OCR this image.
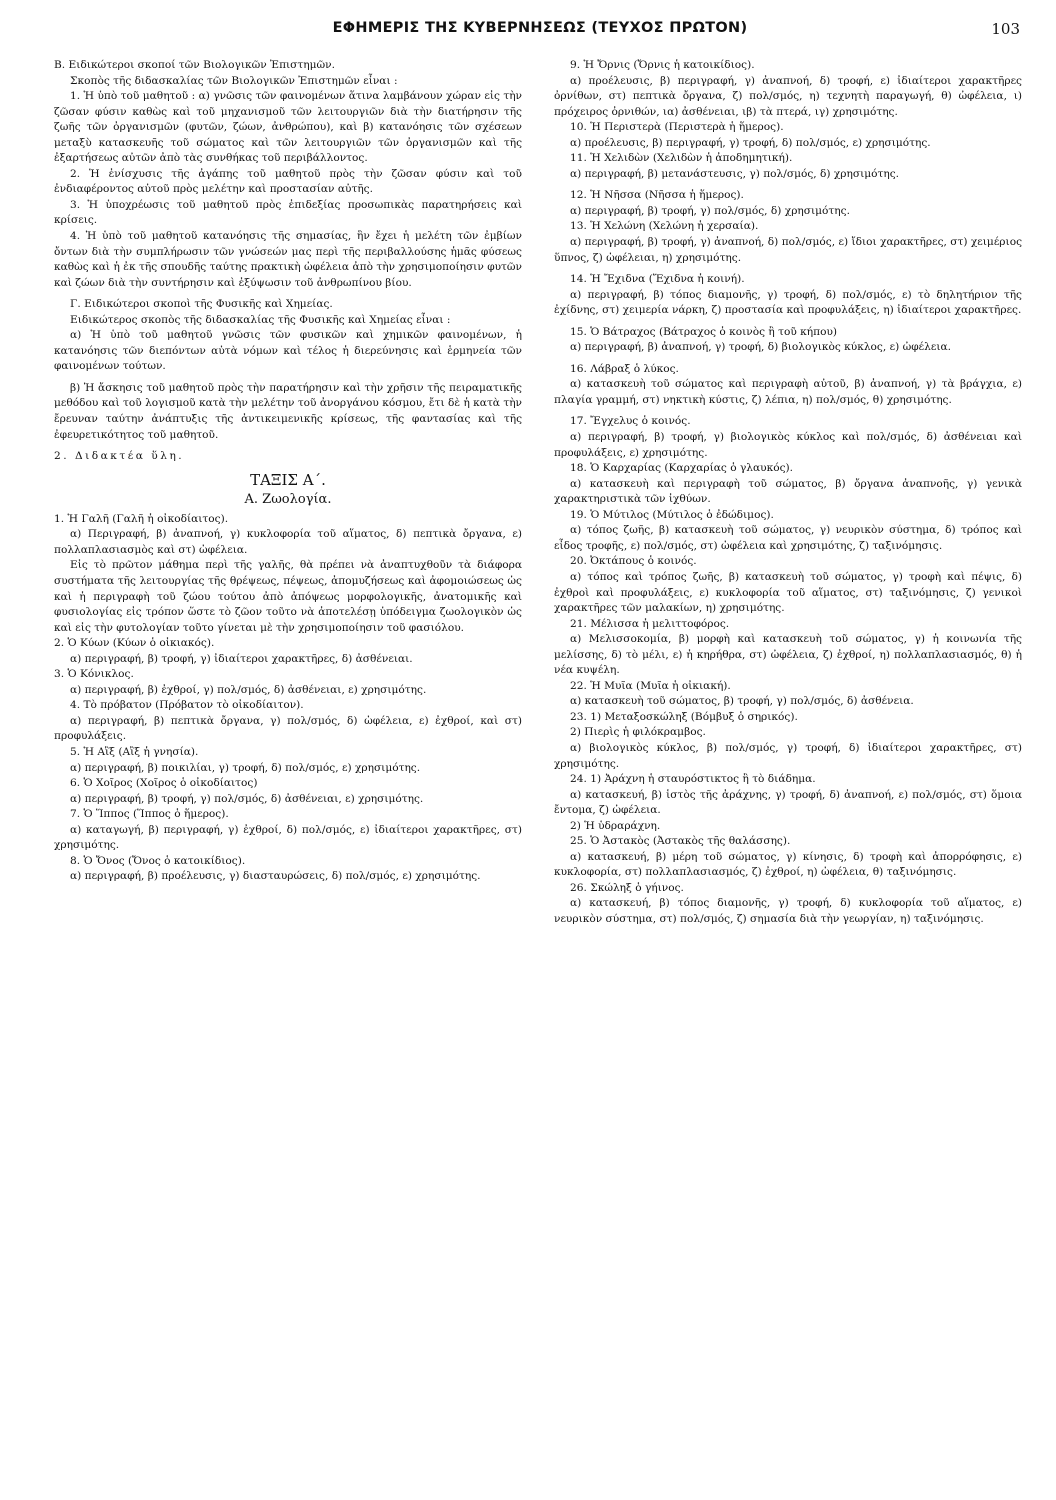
ΕΦΗΜΕΡΙΣ ΤΗΣ ΚΥΒΕΡΝΗΣΕΩΣ (ΤΕΥΧΟΣ ΠΡΩΤΟΝ)	103

Β. Ειδικώτεροι σκοποί τῶν Βιολογικῶν Ἐπιστημῶν.

Σκοπὸς τῆς διδασκαλίας τῶν Βιολογικῶν Ἐπιστημῶν εἶναι :

1. Ἡ ὑπὸ τοῦ μαθητοῦ : α) γνῶσις τῶν φαινομένων ἅτινα λαμβάνουν χώραν εἰς τὴν ζῶσαν φύσιν καθὼς καὶ τοῦ μηχανισμοῦ τῶν λειτουργιῶν διὰ τὴν διατήρησιν τῆς ζωῆς τῶν ὀργανισμῶν (φυτῶν, ζώων, ἀνθρώπου), καὶ β) κατανόησις τῶν σχέσεων μεταξὺ κατασκευῆς τοῦ σώματος καὶ τῶν λειτουργιῶν τῶν ὀργανισμῶν καὶ τῆς ἐξαρτήσεως αὐτῶν ἀπὸ τὰς συνθήκας τοῦ περιβάλλοντος.

2. Ἡ ἐνίσχυσις τῆς ἀγάπης τοῦ μαθητοῦ πρὸς τὴν ζῶσαν φύσιν καὶ τοῦ ἐνδιαφέροντος αὐτοῦ πρὸς μελέτην καὶ προστασίαν αὐτῆς.

3. Ἡ ὑποχρέωσις τοῦ μαθητοῦ πρὸς ἐπιδεξίας προσωπικὰς παρατηρήσεις καὶ κρίσεις.

4. Ἡ ὑπὸ τοῦ μαθητοῦ κατανόησις τῆς σημασίας, ἣν ἔχει ἡ μελέτη τῶν ἐμβίων ὄντων διὰ τὴν συμπλήρωσιν τῶν γνώσεών μας περὶ τῆς περιβαλλούσης ἡμᾶς φύσεως καθὼς καὶ ἡ ἐκ τῆς σπουδῆς ταύτης πρακτικὴ ὠφέλεια ἀπὸ τὴν χρησιμοποίησιν φυτῶν καὶ ζώων διὰ τὴν συντήρησιν καὶ ἐξύψωσιν τοῦ ἀνθρωπίνου βίου.

Γ. Ειδικώτεροι σκοποὶ τῆς Φυσικῆς καὶ Χημείας.

Ειδικώτερος σκοπὸς τῆς διδασκαλίας τῆς Φυσικῆς καὶ Χημείας εἶναι :

α) Ἡ ὑπὸ τοῦ μαθητοῦ γνῶσις τῶν φυσικῶν καὶ χημικῶν φαινομένων, ἡ κατανόησις τῶν διεπόντων αὐτὰ νόμων καὶ τέλος ἡ διερεύνησις καὶ ἑρμηνεία τῶν φαινομένων τούτων.

β) Ἡ ἄσκησις τοῦ μαθητοῦ πρὸς τὴν παρατήρησιν καὶ τὴν χρῆσιν τῆς πειραματικῆς μεθόδου καὶ τοῦ λογισμοῦ κατὰ τὴν μελέτην τοῦ ἀνοργάνου κόσμου, ἔτι δὲ ἡ κατὰ τὴν ἔρευναν ταύτην ἀνάπτυξις τῆς ἀντικειμενικῆς κρίσεως, τῆς φαντασίας καὶ τῆς ἐφευρετικότητος τοῦ μαθητοῦ.

2. Διδακτέα ὕλη.

ΤΑΞΙΣ Α΄.

Α. Ζωολογία.

1. Ἡ Γαλῆ (Γαλῆ ἡ οἰκοδίαιτος).

α) Περιγραφή, β) ἀναπνοή, γ) κυκλοφορία τοῦ αἵματος, δ) πεπτικὰ ὄργανα, ε) πολλαπλασιασμὸς καὶ στ) ὠφέλεια.

Εἰς τὸ πρῶτον μάθημα περὶ τῆς γαλῆς, θὰ πρέπει νὰ ἀναπτυχθοῦν τὰ διάφορα συστήματα τῆς λειτουργίας τῆς θρέψεως, πέψεως, ἀπομυζήσεως καὶ ἀφομοιώσεως ὡς καὶ ἡ περιγραφὴ τοῦ ζώου τούτου ἀπὸ ἀπόψεως μορφολογικῆς, ἀνατομικῆς καὶ φυσιολογίας εἰς τρόπον ὥστε τὸ ζῶον τοῦτο νὰ ἀποτελέσῃ ὑπόδειγμα ζωολογικὸν ὡς καὶ εἰς τὴν φυτολογίαν τοῦτο γίνεται μὲ τὴν χρησιμοποίησιν τοῦ φασιόλου.

2. Ὁ Κύων (Κύων ὁ οἰκιακός).

α) περιγραφή, β) τροφή, γ) ἰδιαίτεροι χαρακτῆρες, δ) ἀσθένειαι.

3. Ὁ Κόνικλος.

α) περιγραφή, β) ἐχθροί, γ) πολ/σμός, δ) ἀσθένειαι, ε) χρησιμότης.

4. Τὸ πρόβατον (Πρόβατον τὸ οἰκοδίαιτον).

α) περιγραφή, β) πεπτικὰ ὄργανα, γ) πολ/σμός, δ) ὠφέλεια, ε) ἐχθροί, καὶ στ) προφυλάξεις.

5. Ἡ Αἲξ (Αἲξ ἡ γνησία).

α) περιγραφή, β) ποικιλίαι, γ) τροφή, δ) πολ/σμός, ε) χρησιμότης.

6. Ὁ Χοῖρος (Χοῖρος ὁ οἰκοδίαιτος)

α) περιγραφή, β) τροφή, γ) πολ/σμός, δ) ἀσθένειαι, ε) χρησιμότης.

7. Ὁ Ἵππος (Ἵππος ὁ ἥμερος).

α) καταγωγή, β) περιγραφή, γ) ἐχθροί, δ) πολ/σμός, ε) ἰδιαίτεροι χαρακτῆρες, στ) χρησιμότης.

8. Ὁ Ὄνος (Ὄνος ὁ κατοικίδιος).

α) περιγραφή, β) προέλευσις, γ) διασταυρώσεις, δ) πολ/σμός, ε) χρησιμότης.

9. Ἡ Ὄρνις (Ὄρνις ἡ κατοικίδιος).

α) προέλευσις, β) περιγραφή, γ) ἀναπνοή, δ) τροφή, ε) ἰδιαίτεροι χαρακτῆρες ὀρνίθων, στ) πεπτικὰ ὄργανα, ζ) πολ/σμός, η) τεχνητὴ παραγωγή, θ) ὠφέλεια, ι) πρόχειρος ὀρνιθών, ια) ἀσθένειαι, ιβ) τὰ πτερά, ιγ) χρησιμότης.

10. Ἡ Περιστερὰ (Περιστερὰ ἡ ἥμερος).

α) προέλευσις, β) περιγραφή, γ) τροφή, δ) πολ/σμός, ε) χρησιμότης.

11. Ἡ Χελιδὼν (Χελιδὼν ἡ ἀποδημητική).

α) περιγραφή, β) μετανάστευσις, γ) πολ/σμός, δ) χρησιμότης.

12. Ἡ Νῆσσα (Νῆσσα ἡ ἥμερος).

α) περιγραφή, β) τροφή, γ) πολ/σμός, δ) χρησιμότης.

13. Ἡ Χελώνη (Χελώνη ἡ χερσαία).

α) περιγραφή, β) τροφή, γ) ἀναπνοή, δ) πολ/σμός, ε) ἴδιοι χαρακτῆρες, στ) χειμέριος ὕπνος, ζ) ὠφέλειαι, η) χρησιμότης.

14. Ἡ Ἔχιδνα (Ἔχιδνα ἡ κοινή).

α) περιγραφή, β) τόπος διαμονῆς, γ) τροφή, δ) πολ/σμός, ε) τὸ δηλητήριον τῆς ἐχίδνης, στ) χειμερία νάρκη, ζ) προστασία καὶ προφυλάξεις, η) ἰδιαίτεροι χαρακτῆρες.

15. Ὁ Βάτραχος (Βάτραχος ὁ κοινὸς ἢ τοῦ κήπου)

α) περιγραφή, β) ἀναπνοή, γ) τροφή, δ) βιολογικὸς κύκλος, ε) ὠφέλεια.

16. Λάβραξ ὁ λύκος.

α) κατασκευὴ τοῦ σώματος καὶ περιγραφὴ αὐτοῦ, β) ἀναπνοή, γ) τὰ βράγχια, ε) πλαγία γραμμή, στ) νηκτικὴ κύστις, ζ) λέπια, η) πολ/σμός, θ) χρησιμότης.

17. Ἔγχελυς ὁ κοινός.

α) περιγραφή, β) τροφή, γ) βιολογικὸς κύκλος καὶ πολ/σμός, δ) ἀσθένειαι καὶ προφυλάξεις, ε) χρησιμότης.

18. Ὁ Καρχαρίας (Καρχαρίας ὁ γλαυκός).

α) κατασκευὴ καὶ περιγραφὴ τοῦ σώματος, β) ὄργανα ἀναπνοῆς, γ) γενικὰ χαρακτηριστικὰ τῶν ἰχθύων.

19. Ὁ Μύτιλος (Μύτιλος ὁ ἐδώδιμος).

α) τόπος ζωῆς, β) κατασκευὴ τοῦ σώματος, γ) νευρικὸν σύστημα, δ) τρόπος καὶ εἶδος τροφῆς, ε) πολ/σμός, στ) ὠφέλεια καὶ χρησιμότης, ζ) ταξινόμησις.

20. Ὀκτάπους ὁ κοινός.

α) τόπος καὶ τρόπος ζωῆς, β) κατασκευὴ τοῦ σώματος, γ) τροφὴ καὶ πέψις, δ) ἐχθροὶ καὶ προφυλάξεις, ε) κυκλοφορία τοῦ αἵματος, στ) ταξινόμησις, ζ) γενικοὶ χαρακτῆρες τῶν μαλακίων, η) χρησιμότης.

21. Μέλισσα ἡ μελιττοφόρος.

α) Μελισσοκομία, β) μορφὴ καὶ κατασκευὴ τοῦ σώματος, γ) ἡ κοινωνία τῆς μελίσσης, δ) τὸ μέλι, ε) ἡ κηρήθρα, στ) ὠφέλεια, ζ) ἐχθροί, η) πολλαπλασιασμός, θ) ἡ νέα κυψέλη.

22. Ἡ Μυῖα (Μυῖα ἡ οἰκιακή).

α) κατασκευὴ τοῦ σώματος, β) τροφή, γ) πολ/σμός, δ) ἀσθένεια.

23. 1) Μεταξοσκώληξ (Βόμβυξ ὁ σηρικός).

2) Πιερὶς ἡ φιλόκραμβος.

α) βιολογικὸς κύκλος, β) πολ/σμός, γ) τροφή, δ) ἰδιαίτεροι χαρακτῆρες, στ) χρησιμότης.

24. 1) Ἀράχνη ἡ σταυρόστικτος ἢ τὸ διάδημα.

α) κατασκευή, β) ἱστὸς τῆς ἀράχνης, γ) τροφή, δ) ἀναπνοή, ε) πολ/σμός, στ) ὅμοια ἔντομα, ζ) ὠφέλεια.

2) Ἡ ὑδραράχνη.

25. Ὁ Ἀστακὸς (Ἀστακὸς τῆς θαλάσσης).

α) κατασκευή, β) μέρη τοῦ σώματος, γ) κίνησις, δ) τροφὴ καὶ ἀπορρόφησις, ε) κυκλοφορία, στ) πολλαπλασιασμός, ζ) ἐχθροί, η) ὠφέλεια, θ) ταξινόμησις.

26. Σκώληξ ὁ γήινος.

α) κατασκευή, β) τόπος διαμονῆς, γ) τροφή, δ) κυκλοφορία τοῦ αἵματος, ε) νευρικὸν σύστημα, στ) πολ/σμός, ζ) σημασία διὰ τὴν γεωργίαν, η) ταξινόμησις.
